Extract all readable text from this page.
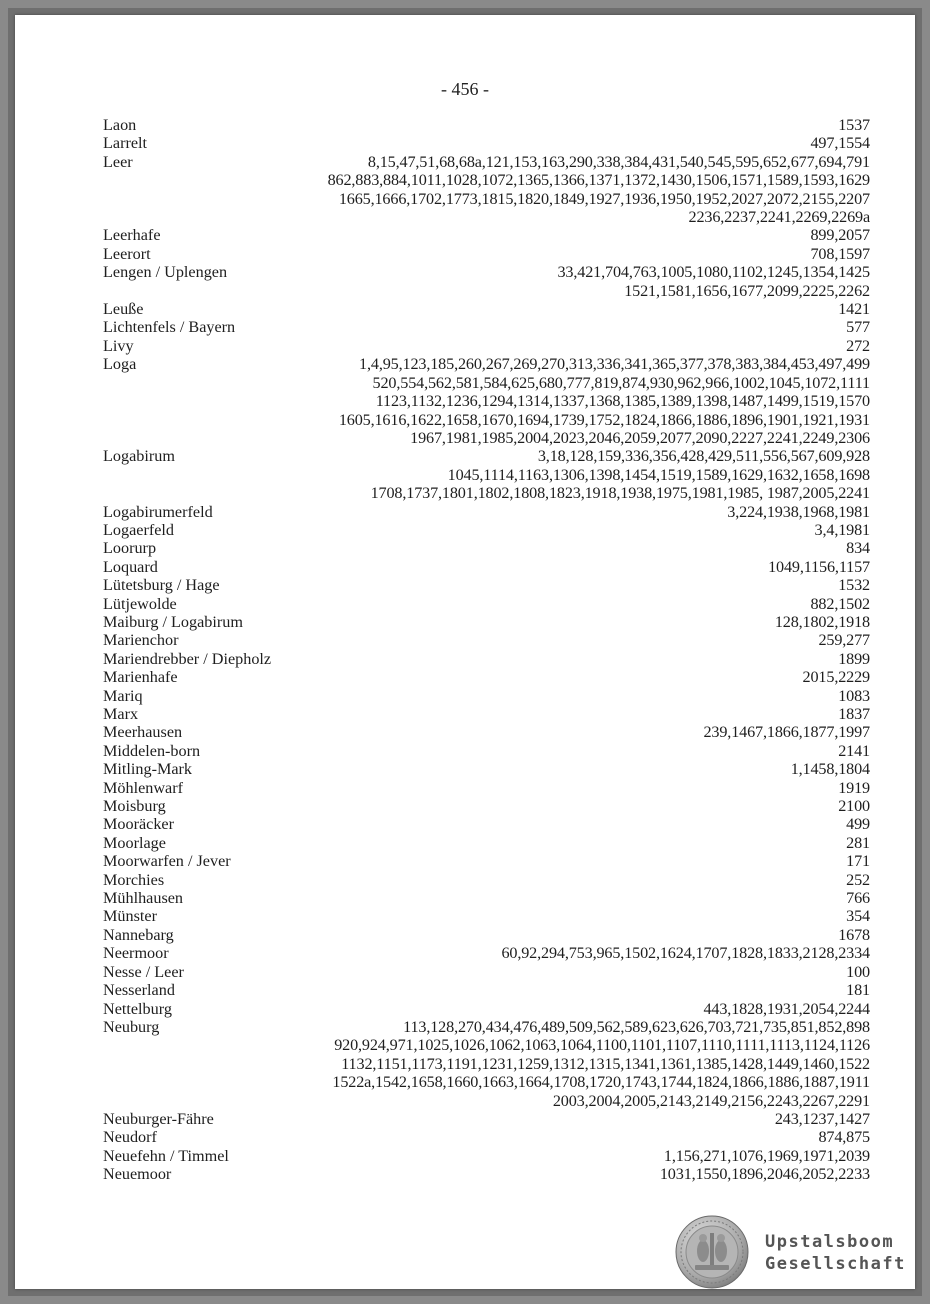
- 456 -
Laon	1537
Larrelt	497,1554
Leer	8,15,47,51,68,68a,121,153,163,290,338,384,431,540,545,595,652,677,694,791
862,883,884,1011,1028,1072,1365,1366,1371,1372,1430,1506,1571,1589,1593,1629
1665,1666,1702,1773,1815,1820,1849,1927,1936,1950,1952,2027,2072,2155,2207
2236,2237,2241,2269,2269a
Leerhafe	899,2057
Leerort	708,1597
Lengen / Uplengen	33,421,704,763,1005,1080,1102,1245,1354,1425
1521,1581,1656,1677,2099,2225,2262
Leuße	1421
Lichtenfels / Bayern	577
Livy	272
Loga	1,4,95,123,185,260,267,269,270,313,336,341,365,377,378,383,384,453,497,499
520,554,562,581,584,625,680,777,819,874,930,962,966,1002,1045,1072,1111
1123,1132,1236,1294,1314,1337,1368,1385,1389,1398,1487,1499,1519,1570
1605,1616,1622,1658,1670,1694,1739,1752,1824,1866,1886,1896,1901,1921,1931
1967,1981,1985,2004,2023,2046,2059,2077,2090,2227,2241,2249,2306
Logabirum	3,18,128,159,336,356,428,429,511,556,567,609,928
1045,1114,1163,1306,1398,1454,1519,1589,1629,1632,1658,1698
1708,1737,1801,1802,1808,1823,1918,1938,1975,1981,1985, 1987,2005,2241
Logabirumerfeld	3,224,1938,1968,1981
Logaerfeld	3,4,1981
Loorurp	834
Loquard	1049,1156,1157
Lütetsburg / Hage	1532
Lütjewolde	882,1502
Maiburg / Logabirum	128,1802,1918
Marienchor	259,277
Mariendrebber / Diepholz	1899
Marienhafe	2015,2229
Mariq	1083
Marx	1837
Meerhausen	239,1467,1866,1877,1997
Middelen-born	2141
Mitling-Mark	1,1458,1804
Möhlenwarf	1919
Moisburg	2100
Mooräcker	499
Moorlage	281
Moorwarfen / Jever	171
Morchies	252
Mühlhausen	766
Münster	354
Nannebarg	1678
Neermoor	60,92,294,753,965,1502,1624,1707,1828,1833,2128,2334
Nesse / Leer	100
Nesserland	181
Nettelburg	443,1828,1931,2054,2244
Neuburg	113,128,270,434,476,489,509,562,589,623,626,703,721,735,851,852,898
920,924,971,1025,1026,1062,1063,1064,1100,1101,1107,1110,1111,1113,1124,1126
1132,1151,1173,1191,1231,1259,1312,1315,1341,1361,1385,1428,1449,1460,1522
1522a,1542,1658,1660,1663,1664,1708,1720,1743,1744,1824,1866,1886,1887,1911
2003,2004,2005,2143,2149,2156,2243,2267,2291
Neuburger-Fähre	243,1237,1427
Neudorf	874,875
Neuefehn / Timmel	1,156,271,1076,1969,1971,2039
Neuemoor	1031,1550,1896,2046,2052,2233
Upstalsboom
Gesellschaft
